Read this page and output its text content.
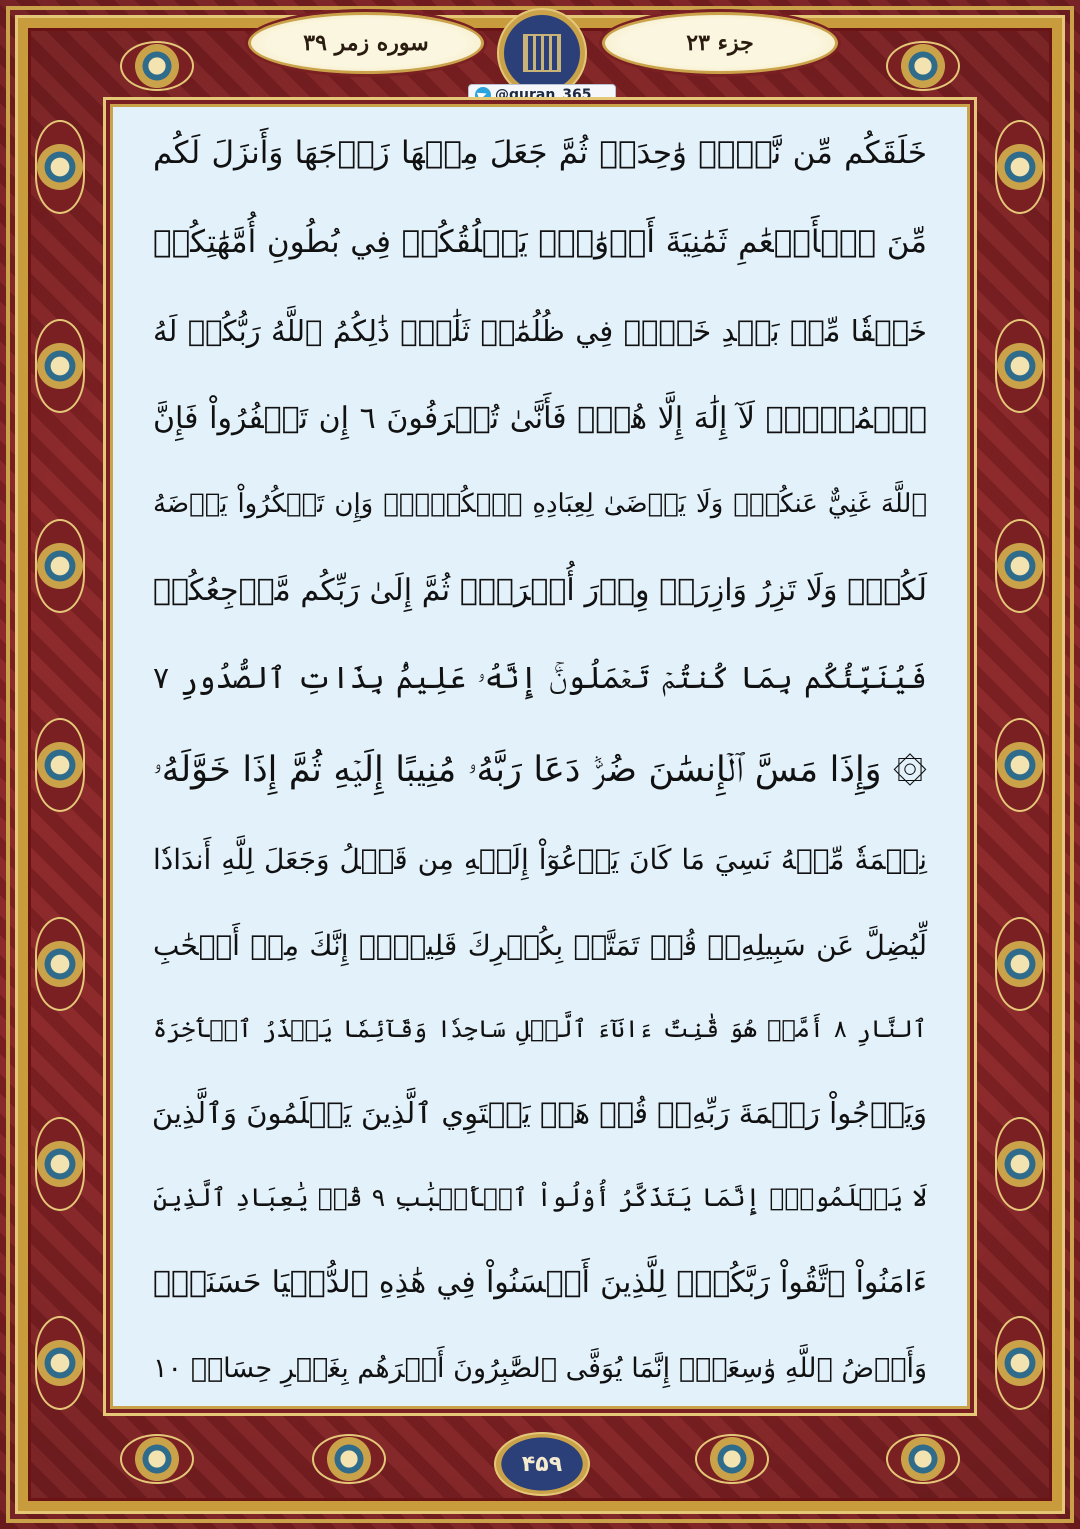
سوره زمر ۳۹	جزء ۲۳
@quran_365
خَلَقَكُم مِّن نَّفۡسٖ وَٰحِدَةٖ ثُمَّ جَعَلَ مِنۡهَا زَوۡجَهَا وَأَنزَلَ لَكُم
مِّنَ ٱلۡأَنۡعَٰمِ ثَمَٰنِيَةَ أَزۡوَٰجٖۚ يَخۡلُقُكُمۡ فِي بُطُونِ أُمَّهَٰتِكُمۡ
خَلۡقٗا مِّنۢ بَعۡدِ خَلۡقٖ فِي ظُلُمَٰتٖ ثَلَٰثٖۚ ذَٰلِكُمُ ٱللَّهُ رَبُّكُمۡ لَهُ
ٱلۡمُلۡكُۖ لَآ إِلَٰهَ إِلَّا هُوَۖ فَأَنَّىٰ تُصۡرَفُونَ ٦ إِن تَكۡفُرُواْ فَإِنَّ
ٱللَّهَ غَنِيٌّ عَنكُمۡۖ وَلَا يَرۡضَىٰ لِعِبَادِهِ ٱلۡكُفۡرَۖ وَإِن تَشۡكُرُواْ يَرۡضَهُ
لَكُمۡۗ وَلَا تَزِرُ وَازِرَةٞ وِزۡرَ أُخۡرَىٰۚ ثُمَّ إِلَىٰ رَبِّكُم مَّرۡجِعُكُمۡ
فَيُنَبِّئُكُم بِمَا كُنتُمۡ تَعۡمَلُونَۚ إِنَّهُۥ عَلِيمُۢ بِذَاتِ ٱلصُّدُورِ ٧
۞ وَإِذَا مَسَّ ٱلۡإِنسَٰنَ ضُرّٞ دَعَا رَبَّهُۥ مُنِيبًا إِلَيۡهِ ثُمَّ إِذَا خَوَّلَهُۥ
نِعۡمَةٗ مِّنۡهُ نَسِيَ مَا كَانَ يَدۡعُوٓاْ إِلَيۡهِ مِن قَبۡلُ وَجَعَلَ لِلَّهِ أَندَادٗا
لِّيُضِلَّ عَن سَبِيلِهِۦۚ قُلۡ تَمَتَّعۡ بِكُفۡرِكَ قَلِيلًاۖ إِنَّكَ مِنۡ أَصۡحَٰبِ
ٱلنَّارِ ٨ أَمَّنۡ هُوَ قَٰنِتٌ ءَانَآءَ ٱلَّيۡلِ سَاجِدٗا وَقَآئِمٗا يَحۡذَرُ ٱلۡأٓخِرَةَ
وَيَرۡجُواْ رَحۡمَةَ رَبِّهِۦۗ قُلۡ هَلۡ يَسۡتَوِي ٱلَّذِينَ يَعۡلَمُونَ وَٱلَّذِينَ
لَا يَعۡلَمُونَۗ إِنَّمَا يَتَذَكَّرُ أُوْلُواْ ٱلۡأَلۡبَٰبِ ٩ قُلۡ يَٰعِبَادِ ٱلَّذِينَ
ءَامَنُواْ ٱتَّقُواْ رَبَّكُمۡۚ لِلَّذِينَ أَحۡسَنُواْ فِي هَٰذِهِ ٱلدُّنۡيَا حَسَنَةٞۗ
وَأَرۡضُ ٱللَّهِ وَٰسِعَةٌۗ إِنَّمَا يُوَفَّى ٱلصَّٰبِرُونَ أَجۡرَهُم بِغَيۡرِ حِسَابٖ ١٠
۴۵۹
